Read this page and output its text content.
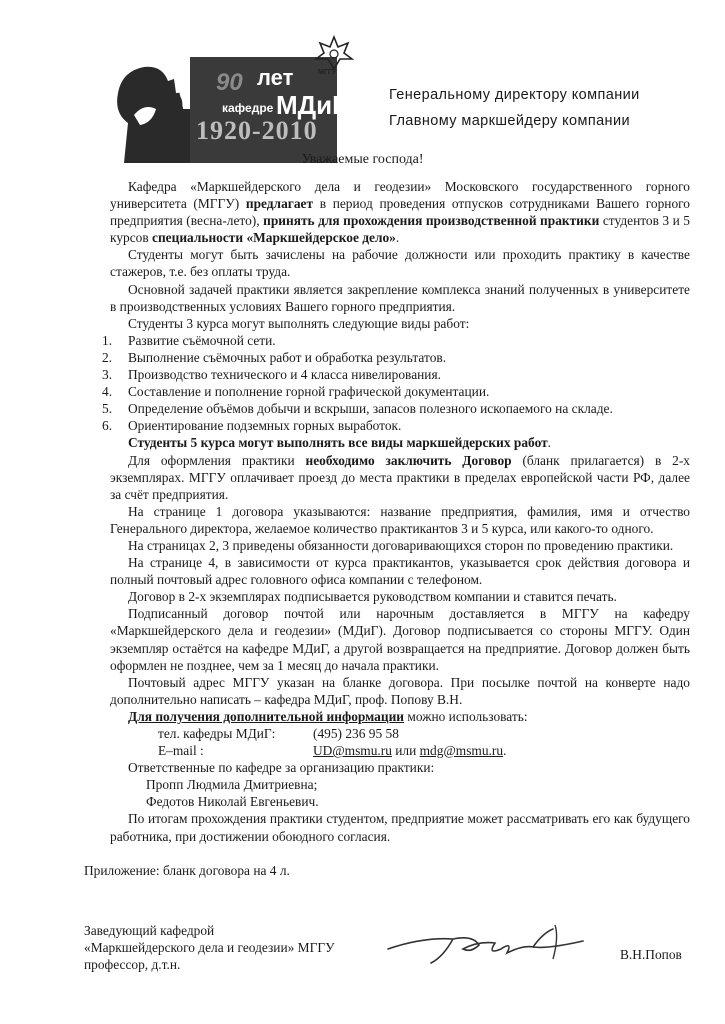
90 лет
кафедре МДиГ
1920-2010
МГГУ
Генеральному директору компании
Главному маркшейдеру компании
Уважаемые господа!

Кафедра «Маркшейдерского дела и геодезии» Московского государственного горного университета (МГГУ) предлагает в период проведения отпусков сотрудниками Вашего горного предприятия (весна-лето), принять для прохождения производственной практики студентов 3 и 5 курсов специальности «Маркшейдерское дело».

Студенты могут быть зачислены на рабочие должности или проходить практику в качестве стажеров, т.е. без оплаты труда.

Основной задачей практики является закрепление комплекса знаний полученных в университете в производственных условиях Вашего горного предприятия.

Студенты 3 курса могут выполнять следующие виды работ:

1. Развитие съёмочной сети.
2. Выполнение съёмочных работ и обработка результатов.
3. Производство технического и 4 класса нивелирования.
4. Составление и пополнение горной графической документации.
5. Определение объёмов добычи и вскрыши, запасов полезного ископаемого на складе.
6. Ориентирование подземных горных выработок.

Студенты 5 курса могут выполнять все виды маркшейдерских работ.

Для оформления практики необходимо заключить Договор (бланк прилагается) в 2-х экземплярах. МГГУ оплачивает проезд до места практики в пределах европейской части РФ, далее за счёт предприятия.

На странице 1 договора указываются: название предприятия, фамилия, имя и отчество Генерального директора, желаемое количество практикантов 3 и 5 курса, или какого-то одного.

На страницах 2, 3 приведены обязанности договаривающихся сторон по проведению практики.

На странице 4, в зависимости от курса практикантов, указывается срок действия договора и полный почтовый адрес головного офиса компании с телефоном.

Договор в 2-х экземплярах подписывается руководством компании и ставится печать.

Подписанный договор почтой или нарочным доставляется в МГГУ на кафедру «Маркшейдерского дела и геодезии» (МДиГ). Договор подписывается со стороны МГГУ. Один экземпляр остаётся на кафедре МДиГ, а другой возвращается на предприятие. Договор должен быть оформлен не позднее, чем за 1 месяц до начала практики.

Почтовый адрес МГГУ указан на бланке договора. При посылке почтой на конверте надо дополнительно написать – кафедра МДиГ, проф. Попову В.Н.

Для получения дополнительной информации можно использовать:

тел. кафедры МДиГ:	(495) 236 95 58
E–mail :	UD@msmu.ru или mdg@msmu.ru.

Ответственные по кафедре за организацию практики:

Пропп Людмила Дмитриевна;
Федотов Николай Евгеньевич.

По итогам прохождения практики студентом, предприятие может рассматривать его как будущего работника, при достижении обоюдного согласия.

Приложение: бланк договора на 4 л.

Заведующий кафедрой
«Маркшейдерского дела и геодезии» МГГУ
профессор, д.т.н.
В.Н.Попов
